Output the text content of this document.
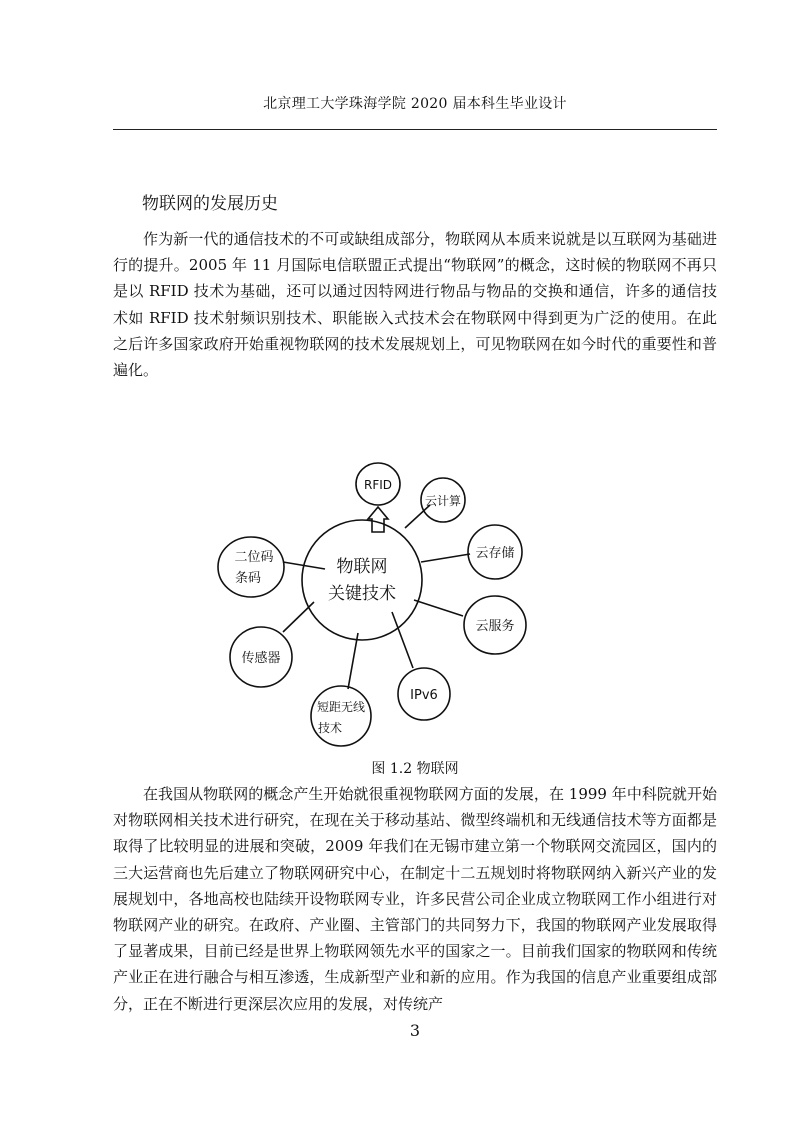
北京理工大学珠海学院 2020 届本科生毕业设计
物联网的发展历史

作为新一代的通信技术的不可或缺组成部分，物联网从本质来说就是以互联网为基础进行的提升。2005 年 11 月国际电信联盟正式提出“物联网”的概念，这时候的物联网不再只是以 RFID 技术为基础，还可以通过因特网进行物品与物品的交换和通信，许多的通信技术如 RFID 技术射频识别技术、职能嵌入式技术会在物联网中得到更为广泛的使用。在此之后许多国家政府开始重视物联网的技术发展规划上，可见物联网在如今时代的重要性和普遍化。

物联网
关键技术
RFID
云计算
云存储
云服务
IPv6
短距无线
技术
传感器
二位码
条码
图 1.2 物联网

在我国从物联网的概念产生开始就很重视物联网方面的发展，在 1999 年中科院就开始对物联网相关技术进行研究，在现在关于移动基站、微型终端机和无线通信技术等方面都是取得了比较明显的进展和突破，2009 年我们在无锡市建立第一个物联网交流园区，国内的三大运营商也先后建立了物联网研究中心，在制定十二五规划时将物联网纳入新兴产业的发展规划中，各地高校也陆续开设物联网专业，许多民营公司企业成立物联网工作小组进行对物联网产业的研究。在政府、产业圈、主管部门的共同努力下，我国的物联网产业发展取得了显著成果，目前已经是世界上物联网领先水平的国家之一。目前我们国家的物联网和传统产业正在进行融合与相互渗透，生成新型产业和新的应用。作为我国的信息产业重要组成部分，正在不断进行更深层次应用的发展，对传统产

3
